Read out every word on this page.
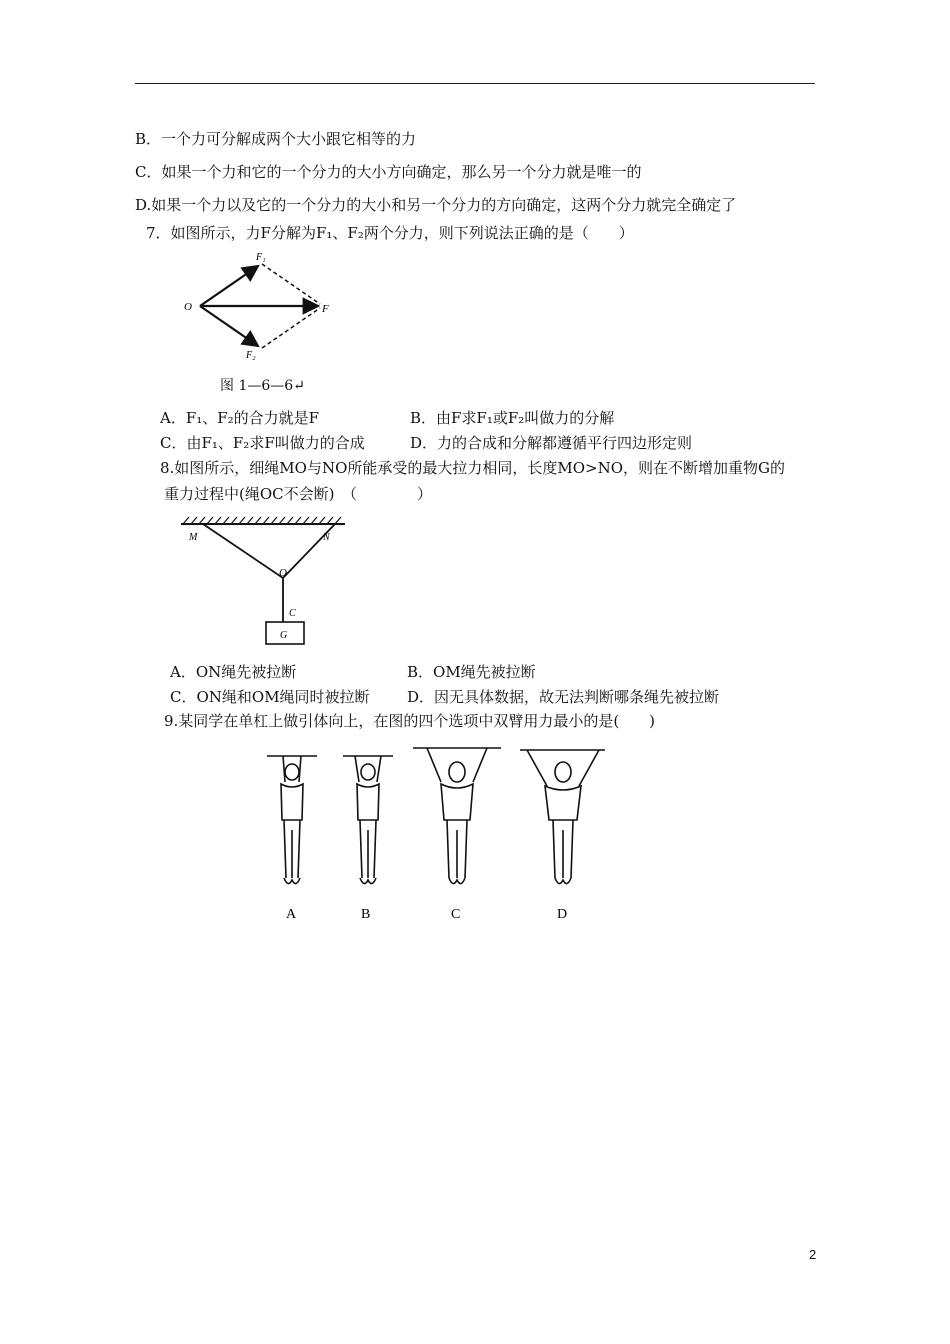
B．一个力可分解成两个大小跟它相等的力
C．如果一个力和它的一个分力的大小方向确定，那么另一个分力就是唯一的
D.如果一个力以及它的一个分力的大小和另一个分力的方向确定，这两个分力就完全确定了
7．如图所示，力F分解为F₁、F₂两个分力，则下列说法正确的是（　　）
O	F
F₁
F₂
图 1—6—6↵
A．F₁、F₂的合力就是F	B．由F求F₁或F₂叫做力的分解
C．由F₁、F₂求F叫做力的合成	D．力的合成和分解都遵循平行四边形定则
8.如图所示，细绳MO与NO所能承受的最大拉力相同，长度MO>NO，则在不断增加重物G的
重力过程中(绳OC不会断)　（　　　　）
M	N
O
C
G
A．ON绳先被拉断	B．OM绳先被拉断
C．ON绳和OM绳同时被拉断 D．因无具体数据，故无法判断哪条绳先被拉断
9.某同学在单杠上做引体向上，在图的四个选项中双臂用力最小的是(　　)
A	B	C	D
2
